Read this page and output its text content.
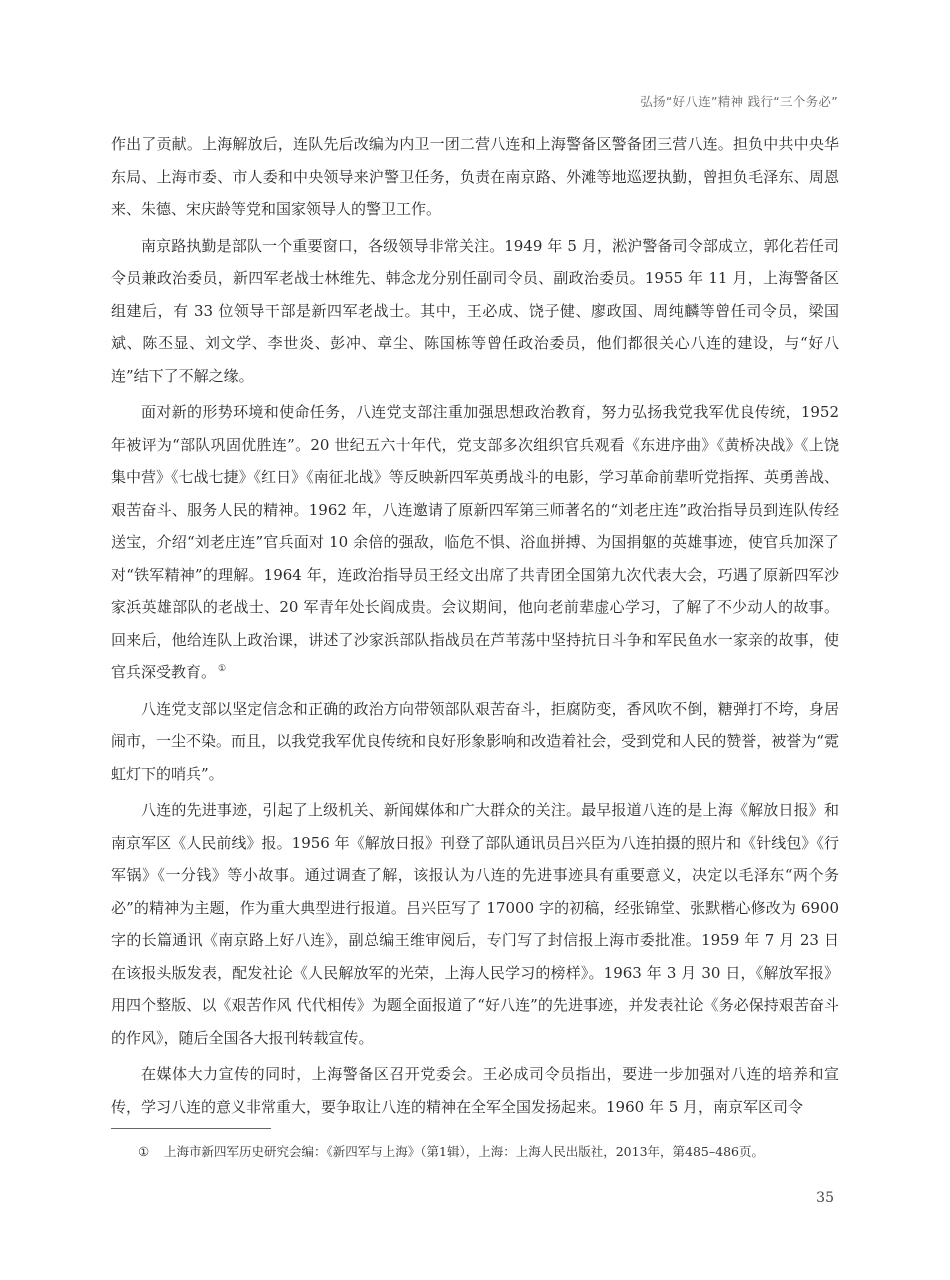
弘扬“好八连”精神 践行“三个务必”

作出了贡献。上海解放后，连队先后改编为内卫一团二营八连和上海警备区警备团三营八连。担负中共中央华东局、上海市委、市人委和中央领导来沪警卫任务，负责在南京路、外滩等地巡逻执勤，曾担负毛泽东、周恩来、朱德、宋庆龄等党和国家领导人的警卫工作。

南京路执勤是部队一个重要窗口，各级领导非常关注。1949 年 5 月，淞沪警备司令部成立，郭化若任司令员兼政治委员，新四军老战士林维先、韩念龙分别任副司令员、副政治委员。1955 年 11 月，上海警备区组建后，有 33 位领导干部是新四军老战士。其中，王必成、饶子健、廖政国、周纯麟等曾任司令员，梁国斌、陈丕显、刘文学、李世炎、彭冲、章尘、陈国栋等曾任政治委员，他们都很关心八连的建设，与“好八连”结下了不解之缘。

面对新的形势环境和使命任务，八连党支部注重加强思想政治教育，努力弘扬我党我军优良传统，1952 年被评为“部队巩固优胜连”。20 世纪五六十年代，党支部多次组织官兵观看《东进序曲》《黄桥决战》《上饶集中营》《七战七捷》《红日》《南征北战》等反映新四军英勇战斗的电影，学习革命前辈听党指挥、英勇善战、艰苦奋斗、服务人民的精神。1962 年，八连邀请了原新四军第三师著名的“刘老庄连”政治指导员到连队传经送宝，介绍“刘老庄连”官兵面对 10 余倍的强敌，临危不惧、浴血拼搏、为国捐躯的英雄事迹，使官兵加深了对“铁军精神”的理解。1964 年，连政治指导员王经文出席了共青团全国第九次代表大会，巧遇了原新四军沙家浜英雄部队的老战士、20 军青年处长阎成贵。会议期间，他向老前辈虚心学习，了解了不少动人的故事。回来后，他给连队上政治课，讲述了沙家浜部队指战员在芦苇荡中坚持抗日斗争和军民鱼水一家亲的故事，使官兵深受教育。 ①

八连党支部以坚定信念和正确的政治方向带领部队艰苦奋斗，拒腐防变，香风吹不倒，糖弹打不垮，身居闹市，一尘不染。而且，以我党我军优良传统和良好形象影响和改造着社会，受到党和人民的赞誉，被誉为“霓虹灯下的哨兵”。

八连的先进事迹，引起了上级机关、新闻媒体和广大群众的关注。最早报道八连的是上海《解放日报》和南京军区《人民前线》报。1956 年《解放日报》刊登了部队通讯员吕兴臣为八连拍摄的照片和《针线包》《行军锅》《一分钱》等小故事。通过调查了解，该报认为八连的先进事迹具有重要意义，决定以毛泽东“两个务必”的精神为主题，作为重大典型进行报道。吕兴臣写了 17000 字的初稿，经张锦堂、张默楷心修改为 6900 字的长篇通讯《南京路上好八连》，副总编王维审阅后，专门写了封信报上海市委批准。1959 年 7 月 23 日在该报头版发表，配发社论《人民解放军的光荣，上海人民学习的榜样》。1963 年 3 月 30 日，《解放军报》用四个整版、以《艰苦作风 代代相传》为题全面报道了“好八连”的先进事迹，并发表社论《务必保持艰苦奋斗的作风》，随后全国各大报刊转载宣传。

在媒体大力宣传的同时，上海警备区召开党委会。王必成司令员指出，要进一步加强对八连的培养和宣传，学习八连的意义非常重大，要争取让八连的精神在全军全国发扬起来。1960 年 5 月，南京军区司令

① 上海市新四军历史研究会编：《新四军与上海》（第1辑），上海：上海人民出版社，2013年，第485–486页。
35
